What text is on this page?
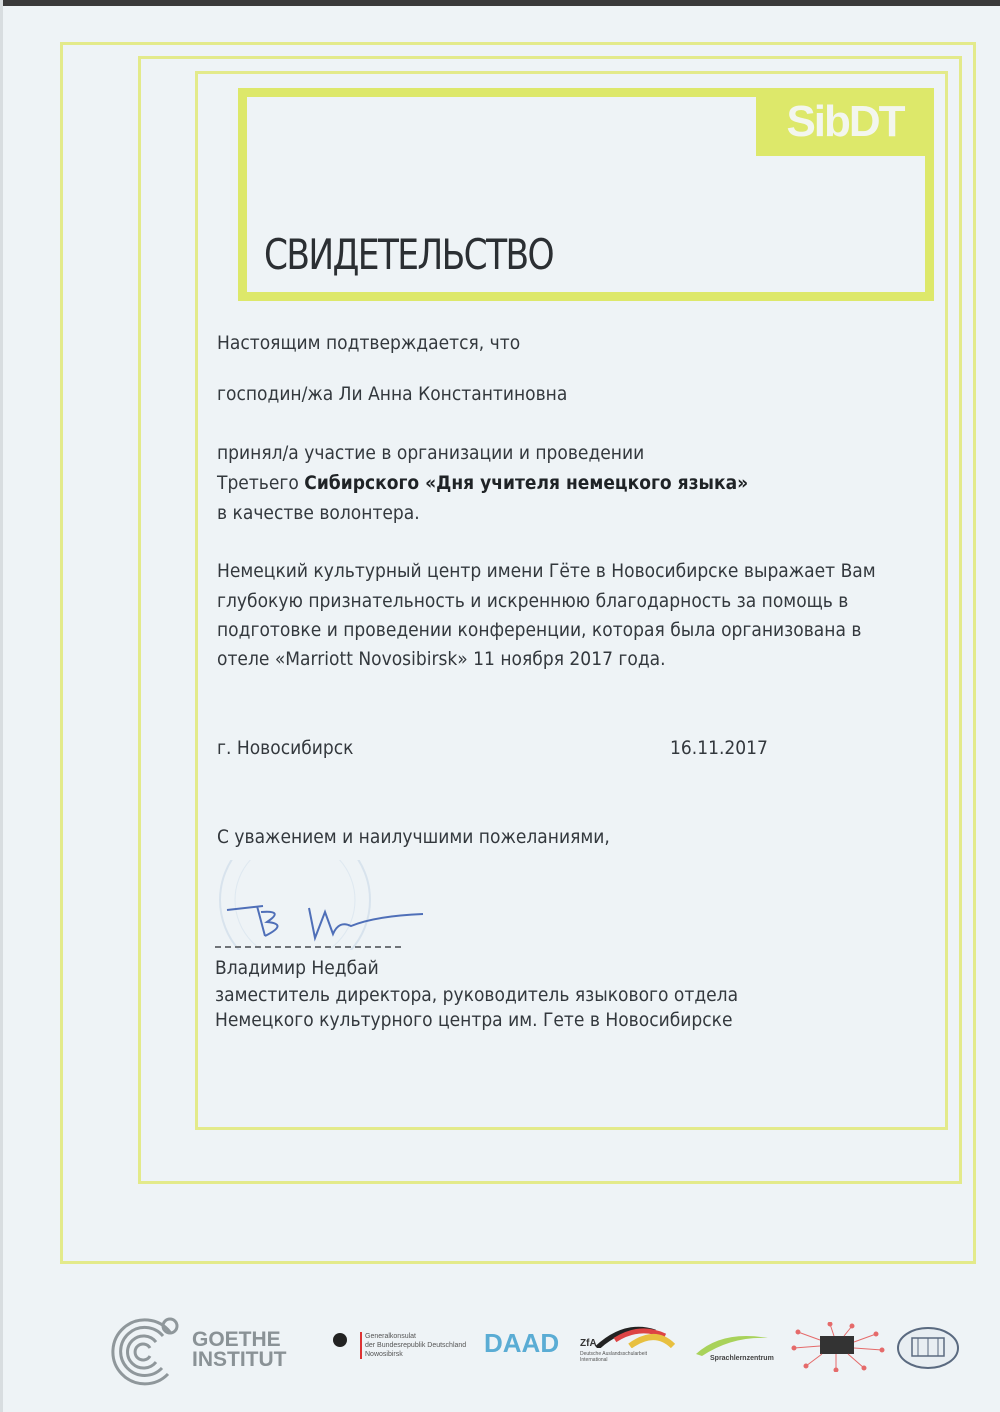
SibDT
СВИДЕТЕЛЬСТВО
Настоящим подтверждается, что
господин/жа Ли Анна Константиновна
принял/а участие в организации и проведении
Третьего Сибирского «Дня учителя немецкого языка»
в качестве волонтера.
Немецкий культурный центр имени Гёте в Новосибирске выражает Вам
глубокую признательность и искреннюю благодарность за помощь в
подготовке и проведении конференции, которая была организована в
отеле «Marriott Novosibirsk» 11 ноября 2017 года.
г. Новосибирск	16.11.2017
С уважением и наилучшими пожеланиями,
Владимир Недбай
заместитель директора, руководитель языкового отдела
Немецкого культурного центра им. Гете в Новосибирске
GOETHE
INSTITUT
Generalkonsulat
der Bundesrepublik Deutschland
Nowosibirsk	DAAD ZfA
Deutsche Auslandsschularbeit
International	Sprachlernzentrum
